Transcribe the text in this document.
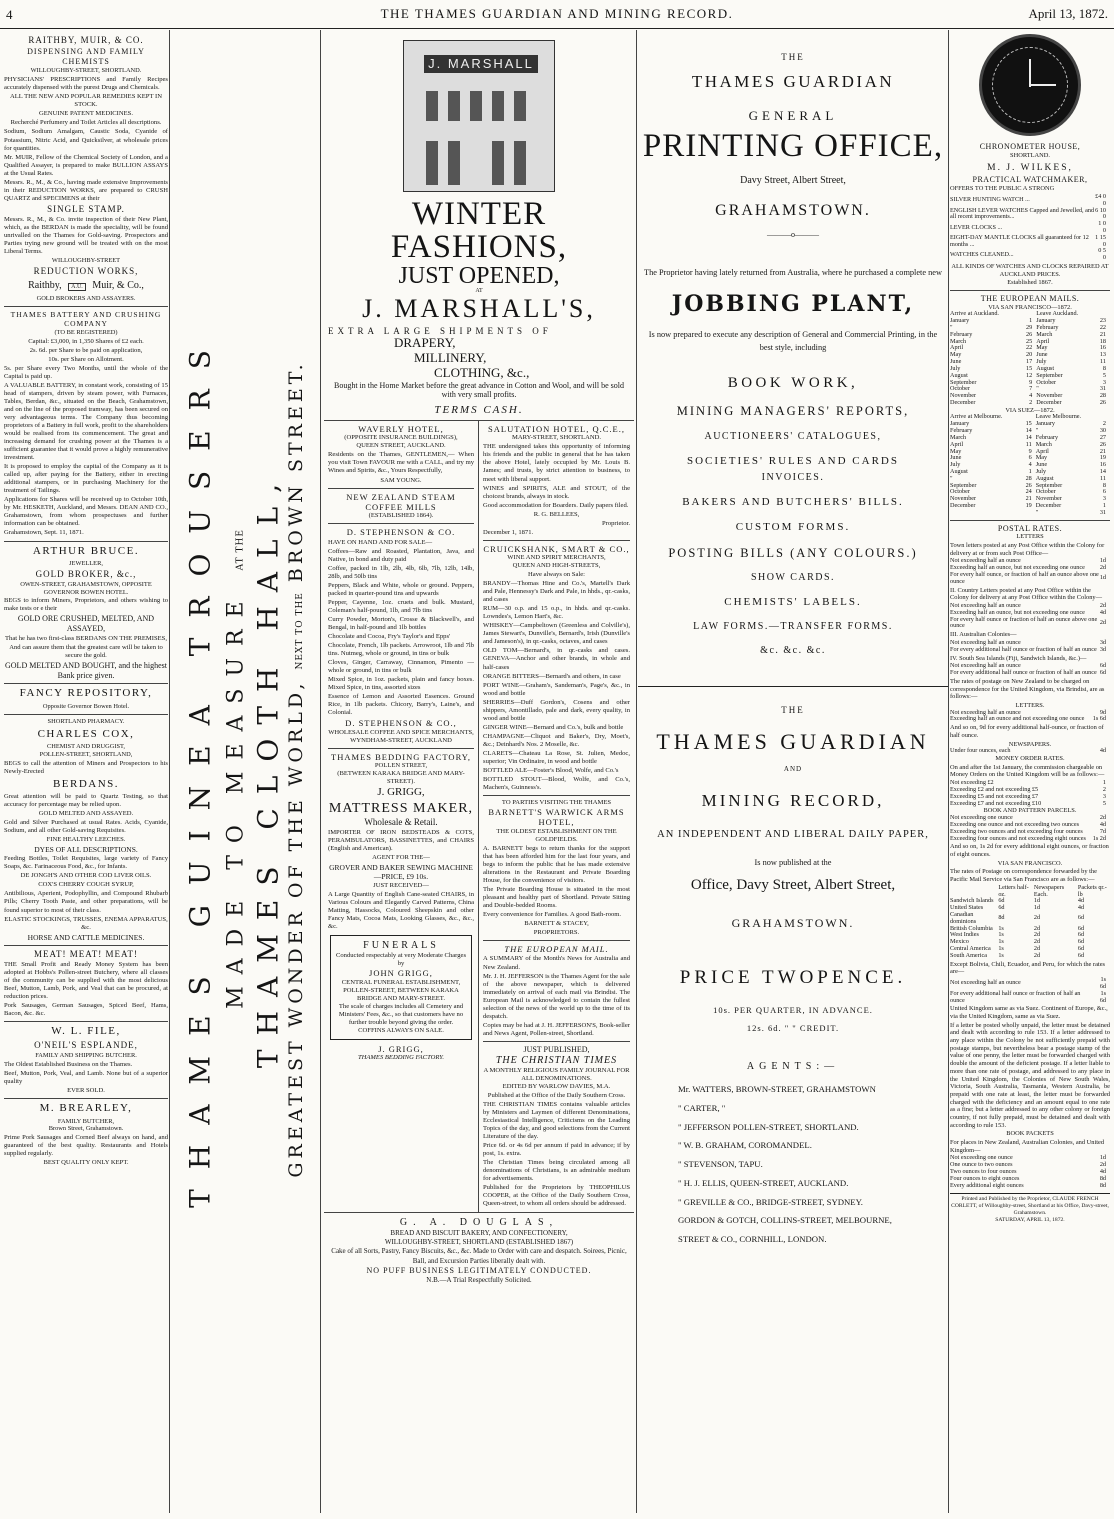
4	THE THAMES GUARDIAN AND MINING RECORD.	April 13, 1872.
RAITHBY, MUIR, & CO.
DISPENSING AND FAMILY CHEMISTS
WILLOUGHBY-STREET, SHORTLAND.

PHYSICIANS' PRESCRIPTIONS and Family Recipes accurately dispensed with the purest Drugs and Chemicals.

ALL THE NEW AND POPULAR REMEDIES KEPT IN STOCK.

GENUINE PATENT MEDICINES.

Recherché Perfumery and Toilet Articles all descriptions.

Sodium, Sodium Amalgam, Caustic Soda, Cyanide of Potassium, Nitric Acid, and Quicksilver, at wholesale prices for quantities.

Mr. MUIR, Fellow of the Chemical Society of London, and a Qualified Assayer, is prepared to make BULLION ASSAYS at the Usual Rates.

Messrs. R., M., & Co., having made extensive Improvements in their REDUCTION WORKS, are prepared to CRUSH QUARTZ and SPECIMENS at their

SINGLE STAMP.

Messrs. R., M., & Co. invite inspection of their New Plant, which, as the BERDAN is made the speciality, will be found unrivalled on the Thames for Gold-saving. Prospectors and Parties trying new ground will be treated with on the most Liberal Terms.

WILLOUGHBY-STREET
REDUCTION WORKS,
Raithby, A.U. Muir, & Co.,
GOLD BROKERS AND ASSAYERS.
THAMES BATTERY AND CRUSHING COMPANY
(TO BE REGISTERED)

Capital: £3,000, in 1,350 Shares of £2 each.

2s. 6d. per Share to be paid on application,

10s. per Share on Allotment.

5s. per Share every Two Months, until the whole of the Capital is paid up.

A VALUABLE BATTERY, in constant work, consisting of 15 head of stampers, driven by steam power, with Furnaces, Tables, Berdan, &c., situated on the Beach, Grahamstown, and on the line of the proposed tramway, has been secured on very advantageous terms. The Company thus becoming proprietors of a Battery in full work, profit to the shareholders would be realised from its commencement. The great and increasing demand for crushing power at the Thames is a sufficient guarantee that it would prove a highly remunerative investment.

It is proposed to employ the capital of the Company as it is called up, after paying for the Battery, either in erecting additional stampers, or in purchasing Machinery for the treatment of Tailings.

Applications for Shares will be received up to October 10th, by Mr. HESKETH, Auckland, and Messrs. DEAN AND CO., Grahamstown, from whom prospectuses and further information can be obtained.

Grahamstown, Sept. 11, 1871.

ARTHUR BRUCE.
JEWELLER,
GOLD BROKER, &c.,
OWEN-STREET, GRAHAMSTOWN, OPPOSITE GOVERNOR BOWEN HOTEL.

BEGS to inform Miners, Proprietors, and others wishing to make tests or e their

GOLD ORE CRUSHED, MELTED, AND ASSAYED,

That he has two first-class BERDANS ON THE PREMISES,

And can assure them that the greatest care will be taken to secure the gold.

GOLD MELTED AND BOUGHT, and the highest Bank price given.

FANCY REPOSITORY,
Opposite Governor Bowen Hotel.
SHORTLAND PHARMACY.
CHARLES COX,
CHEMIST AND DRUGGIST,
POLLEN-STREET, SHORTLAND,

BEGS to call the attention of Miners and Prospectors to his Newly-Erected

BERDANS.

Great attention will be paid to Quartz Testing, so that accuracy for percentage may be relied upon.

GOLD MELTED AND ASSAYED.

Gold and Silver Purchased at usual Rates. Acids, Cyanide, Sodium, and all other Gold-saving Requisites.

FINE HEALTHY LEECHES.

DYES OF ALL DESCRIPTIONS.

Feeding Bottles, Toilet Requisites, large variety of Fancy Soaps, &c. Farinaceous Food, &c., for Infants.

DE JONGH'S AND OTHER COD LIVER OILS.

COX'S CHERRY COUGH SYRUP,

Antibilious, Aperient, Podophyllin, and Compound Rhubarb Pills; Cherry Tooth Paste, and other preparations, will be found superior to most of their class.

ELASTIC STOCKINGS, TRUSSES, ENEMA APPARATUS, &c.

HORSE AND CATTLE MEDICINES.

MEAT! MEAT! MEAT!

THE Small Profit and Ready Money System has been adopted at Hobbs's Pollen-street Butchery, where all classes of the community can be supplied with the most delicious Beef, Mutton, Lamb, Pork, and Veal that can be procured, at reduction prices.

Pork Sausages, German Sausages, Spiced Beef, Hams, Bacon, &c. &c.

W. L. FILE,
O'NEIL'S ESPLANDE,
FAMILY AND SHIPPING BUTCHER.

The Oldest Established Business on the Thames.

Beef, Mutton, Pork, Veal, and Lamb. None but of a superior quality

EVER SOLD.

M. BREARLEY,
FAMILY BUTCHER,
Brown Street, Grahamstown.

Prime Pork Sausages and Corned Beef always on hand, and guaranteed of the best quality. Restaurants and Hotels supplied regularly.

BEST QUALITY ONLY KEPT.	THAMES GUINEA TROUSERS MADE TO MEASURE AT THE THAMES CLOTH HALL, GREATEST WONDER OF THE WORLD, NEXT TO THE BROWN STREET.
J. MARSHALL
WINTER FASHIONS,
JUST OPENED,
AT
J. MARSHALL'S,
EXTRA LARGE SHIPMENTS OF
DRAPERY,
MILLINERY,
CLOTHING, &c.,
Bought in the Home Market before the great advance in Cotton and Wool, and will be sold with very small profits.
TERMS CASH.
WAVERLY HOTEL,
(OPPOSITE INSURANCE BUILDINGS),
QUEEN STREET, AUCKLAND.

Residents on the Thames, GENTLEMEN,— When you visit Town FAVOUR me with a CALL, and try my Wines and Spirits, &c., Yours Respectfully,

SAM YOUNG.

NEW ZEALAND STEAM COFFEE MILLS
(ESTABLISHED 1864).
D. STEPHENSON & CO.

HAVE ON HAND AND FOR SALE—

Coffees—Raw and Roasted, Plantation, Java, and Native, in bond and duty paid

Coffee, packed in 1lb, 2lb, 4lb, 6lb, 7lb, 12lb, 14lb, 28lb, and 50lb tins

Peppers, Black and White, whole or ground. Peppers, packed in quarter-pound tins and upwards

Pepper, Cayenne, 1oz. cruets and bulk. Mustard, Coleman's half-pound, 1lb, and 7lb tins

Curry Powder, Morton's, Crosse & Blackwell's, and Bengal, in half-pound and 1lb bottles

Chocolate and Cocoa, Fry's Taylor's and Epps'

Chocolate, French, 1lb packets. Arrowroot, 1lb and 7lb tins. Nutmeg, whole or ground, in tins or bulk

Cloves, Ginger, Carraway, Cinnamon, Pimento — whole or ground, in tins or bulk

Mixed Spice, in 1oz. packets, plain and fancy boxes. Mixed Spice, in tins, assorted sizes

Essence of Lemon and Assorted Essences. Ground Rice, in 1lb packets. Chicory, Barry's, Laine's, and Colonial.

D. STEPHENSON & CO.,
WHOLESALE COFFEE AND SPICE MERCHANTS,
WYNDHAM-STREET, AUCKLAND
THAMES BEDDING FACTORY,
POLLEN STREET,
(BETWEEN KARAKA BRIDGE AND MARY-STREET).
J. GRIGG,
MATTRESS MAKER,
Wholesale & Retail.

IMPORTER OF IRON BEDSTEADS & COTS, PERAMBULATORS, BASSINETTES, and CHAIRS (English and American).

AGENT FOR THE—

GROVER AND BAKER SEWING MACHINE—PRICE, £9 10s.

JUST RECEIVED—

A Large Quantity of English Cane-seated CHAIRS, in Various Colours and Elegantly Carved Patterns, China Matting, Hassocks, Coloured Sheepskin and other Fancy Mats, Cocoa Mats, Looking Glasses, &c., &c., &c.

FUNERALS
Conducted respectably at very Moderate Charges by
JOHN GRIGG,
CENTRAL FUNERAL ESTABLISHMENT, POLLEN-STREET, BETWEEN KARAKA BRIDGE AND MARY-STREET.
The scale of charges includes all Cemetery and Ministers' Fees, &c., so that customers have no further trouble beyond giving the order.
COFFINS ALWAYS ON SALE.
J. GRIGG,
THAMES BEDDING FACTORY.
SALUTATION HOTEL, Q.C.E.,
MARY-STREET, SHORTLAND.

THE undersigned takes this opportunity of informing his friends and the public in general that he has taken the above Hotel, lately occupied by Mr. Louis B. James; and trusts, by strict attention to business, to meet with liberal support.

WINES and SPIRITS, ALE and STOUT, of the choicest brands, always in stock.

Good accommodation for Boarders. Daily papers filed.

R. G. BELLEES,

Proprietor.

December 1, 1871.

CRUICKSHANK, SMART & CO.,
WINE AND SPIRIT MERCHANTS,
QUEEN AND HIGH-STREETS,

Have always on Sale:

BRANDY—Thomas Hine and Co.'s, Martell's Dark and Pale, Hennessy's Dark and Pale, in hhds., qr.-casks, and cases

RUM—30 o.p. and 15 o.p., in hhds. and qr.-casks. Lowndes's, Lemon Hart's, &c.

WHISKEY—Campbeltown (Greenless and Colville's), James Stewart's, Dunville's, Bernard's, Irish (Dunville's and Jameson's), in qr.-casks, octaves, and cases

OLD TOM—Bernard's, in qr.-casks and cases. GENEVA—Anchor and other brands, in whole and half-cases

ORANGE BITTERS—Bernard's and others, in case

PORT WINE—Graham's, Sandeman's, Page's, &c., in wood and bottle

SHERRIES—Duff Gordon's, Cosens and other shippers, Amontillado, pale and dark, every quality, in wood and bottle

GINGER WINE—Bernard and Co.'s, bulk and bottle

CHAMPAGNE—Cliquot and Baker's, Dry, Moet's, &c.; Deinhard's Nos. 2 Moselle, &c.

CLARETS—Chateau La Rose, St. Julien, Medoc, superior; Vin Ordinaire, in wood and bottle

BOTTLED ALE—Foster's Blood, Wolfe, and Co.'s

BOTTLED STOUT—Blood, Wolfe, and Co.'s, Machen's, Guinness's.

TO PARTIES VISITING THE THAMES
BARNETT'S WARWICK ARMS HOTEL,
THE OLDEST ESTABLISHMENT ON THE GOLDFIELDS.

A. BARNETT begs to return thanks for the support that has been afforded him for the last four years, and begs to inform the public that he has made extensive alterations in the Restaurant and Private Boarding House, for the convenience of visitors.

The Private Boarding House is situated in the most pleasant and healthy part of Shortland. Private Sitting and Double-bedded Rooms.

Every convenience for Families. A good Bath-room.

BARNETT & STACEY,

PROPRIETORS.

THE EUROPEAN MAIL.

A SUMMARY of the Month's News for Australia and New Zealand.

Mr. J. H. JEFFERSON is the Thames Agent for the sale of the above newspaper, which is delivered immediately on arrival of each mail via Brindisi. The European Mail is acknowledged to contain the fullest selection of the news of the world up to the time of its despatch.

Copies may be had at J. H. JEFFERSON'S, Book-seller and News Agent, Pollen-street, Shortland.

JUST PUBLISHED,
THE CHRISTIAN TIMES
A MONTHLY RELIGIOUS FAMILY JOURNAL FOR ALL DENOMINATIONS.
EDITED BY WARLOW DAVIES, M.A.

Published at the Office of the Daily Southern Cross.

THE CHRISTIAN TIMES contains valuable articles by Ministers and Laymen of different Denominations, Ecclesiastical Intelligence, Criticisms on the Leading Topics of the day, and good selections from the Current Literature of the day.

Price 6d. or 4s 6d per annum if paid in advance; if by post, 1s. extra.

The Christian Times being circulated among all denominations of Christians, is an admirable medium for advertisements.

Published for the Proprietors by THEOPHILUS COOPER, at the Office of the Daily Southern Cross, Queen-street, to whom all orders should be addressed.

G. A. DOUGLAS,
BREAD AND BISCUIT BAKERY, AND CONFECTIONERY,
WILLOUGHBY-STREET, SHORTLAND (ESTABLISHED 1867)
Cake of all Sorts, Pastry, Fancy Biscuits, &c., &c. Made to Order with care and despatch. Soirees, Picnic, Ball, and Excursion Parties liberally dealt with.
NO PUFF BUSINESS LEGITIMATELY CONDUCTED.
N.B.—A Trial Respectfully Solicited.
THE
THAMES GUARDIAN
GENERAL
PRINTING OFFICE,
Davy Street, Albert Street,
GRAHAMSTOWN.
———o———
The Proprietor having lately returned from Australia, where he purchased a complete new
JOBBING PLANT,
Is now prepared to execute any description of General and Commercial Printing, in the best style, including
BOOK WORK,
MINING MANAGERS' REPORTS,
AUCTIONEERS' CATALOGUES,
SOCIETIES' RULES AND CARDS
INVOICES.
BAKERS AND BUTCHERS' BILLS.
CUSTOM FORMS.
POSTING BILLS (ANY COLOURS.)
SHOW CARDS.
CHEMISTS' LABELS.
LAW FORMS.—TRANSFER FORMS.
&c. &c. &c.
THE
THAMES GUARDIAN
AND
MINING RECORD,
AN INDEPENDENT AND LIBERAL DAILY PAPER,
Is now published at the
Office, Davy Street, Albert Street,
GRAHAMSTOWN.
PRICE TWOPENCE.
10s. PER QUARTER, IN ADVANCE.
12s. 6d. " " CREDIT.
AGENTS:—
Mr. WATTERS, BROWN-STREET, GRAHAMSTOWN
" CARTER, "
" JEFFERSON POLLEN-STREET, SHORTLAND.
" W. B. GRAHAM, COROMANDEL.
" STEVENSON, TAPU.
" H. J. ELLIS, QUEEN-STREET, AUCKLAND.
" GREVILLE & CO., BRIDGE-STREET, SYDNEY.
GORDON & GOTCH, COLLINS-STREET, MELBOURNE,
STREET & CO., CORNHILL, LONDON.
CHRONOMETER HOUSE,
SHORTLAND.
M. J. WILKES,
PRACTICAL WATCHMAKER,

OFFERS TO THE PUBLIC A STRONG

SILVER HUNTING WATCH ...	£4 0 0
ENGLISH LEVER WATCHES Capped and Jewelled, and all recent improvements...	6 10 0
LEVER CLOCKS ...	1 0 0
EIGHT-DAY MANTLE CLOCKS all guaranteed for 12 months ...	1 15 0
WATCHES CLEANED...	0 5 0

ALL KINDS OF WATCHES AND CLOCKS REPAIRED AT AUCKLAND PRICES.

Established 1867.

THE EUROPEAN MAILS.
VIA SAN FRANCISCO—1872.
Arrive at Auckland.		Leave Auckland.	
January	1	January	23
"	29	February	22
February	26	March	21
March	25	April	18
April	22	May	16
May	20	June	13
June	17	July	11
July	15	August	8
August	12	September	5
September	9	October	3
October	7	"	31
November	4	November	28
December	2	December	26
VIA SUEZ—1872.
Arrive at Melbourne.		Leave Melbourne.	
January	15	January	2
February	14	"	30
March	14	February	27
April	11	March	26
May	9	April	21
June	6	May	19
July	4	June	16
August	1	July	14
"	28	August	11
September	26	September	8
October	24	October	6
November	21	November	3
December	19	December	1
		"	31
POSTAL RATES.
LETTERS

Town letters posted at any Post Office within the Colony for delivery at or from such Post Office—

Not exceeding half an ounce	1d
Exceeding half an ounce, but not exceeding one ounce	2d
For every half ounce, or fraction of half an ounce above one ounce	1d

II. Country Letters posted at any Post Office within the Colony for delivery at any Post Office within the Colony—

Not exceeding half an ounce	2d
Exceeding half an ounce, but not exceeding one ounce	4d
For every half ounce or fraction of half an ounce above one ounce	2d

III. Australian Colonies—

Not exceeding half an ounce	3d
For every additional half ounce or fraction of half an ounce	3d

IV. South Sea Islands (Fiji, Sandwich Islands, &c.)—

Not exceeding half an ounce	6d
For every additional half ounce or fraction of half an ounce	6d

The rates of postage on New Zealand to be charged on correspondence for the United Kingdom, via Brindisi, are as follows:—

LETTERS.
Not exceeding half an ounce	9d
Exceeding half an ounce and not exceeding one ounce	1s 6d

And so on, 9d for every additional half-ounce, or fraction of half ounce.

NEWSPAPERS.
Under four ounces, each	4d
MONEY ORDER RATES.

On and after the 1st January, the commission chargeable on Money Orders on the United Kingdom will be as follows:—

Not exceeding £2	1
Exceeding £2 and not exceeding £5	2
Exceeding £5 and not exceeding £7	3
Exceeding £7 and not exceeding £10	5
BOOK AND PATTERN PARCELS.
Not exceeding one ounce	2d
Exceeding one ounce and not exceeding two ounces	4d
Exceeding two ounces and not exceeding four ounces	7d
Exceeding four ounces and not exceeding eight ounces	1s 2d

And so on, 1s 2d for every additional eight ounces, or fraction of eight ounces.

VIA SAN FRANCISCO.

The rates of Postage on correspondence forwarded by the Pacific Mail Service via San Francisco are as follows:—

	Letters half-oz.	Newspapers Each.	Packets qr.-lb
Sandwich Islands	6d	1d	4d
United States	6d	1d	4d
Canadian dominions	8d	2d	6d
British Columbia	1s	2d	6d
West Indies	1s	2d	6d
Mexico	1s	2d	6d
Central America	1s	2d	6d
South America	1s	2d	6d

Except Bolivia, Chili, Ecuador, and Peru, for which the rates are—

Not exceeding half an ounce	1s 6d
For every additional half ounce or fraction of half an ounce	1s 6d

United Kingdom same as via Suez. Continent of Europe, &c., via the United Kingdom, same as via Suez.

If a letter be posted wholly unpaid, the letter must be detained and dealt with according to rule 153. If a letter addressed to any place within the Colony be not sufficiently prepaid with postage stamps, but nevertheless bear a postage stamp of the value of one penny, the letter must be forwarded charged with double the amount of the deficient postage. If a letter liable to more than one rate of postage, and addressed to any place in the United Kingdom, the Colonies of New South Wales, Victoria, South Australia, Tasmania, Western Australia, be prepaid with one rate at least, the letter must be forwarded charged with the deficiency and an amount equal to one rate as a fine; but a letter addressed to any other colony or foreign country, if not fully prepaid, must be detained and dealt with according to rule 153.

BOOK PACKETS

For places in New Zealand, Australian Colonies, and United Kingdom—

Not exceeding one ounce	1d
One ounce to two ounces	2d
Two ounces to four ounces	4d
Four ounces to eight ounces	8d
Every additional eight ounces	8d
Printed and Published by the Proprietor, CLAUDE FRENCH CORLETT, of Willoughby-street, Shortland at his Office, Davy-street, Grahamstown.
SATURDAY, APRIL 13, 1872.
